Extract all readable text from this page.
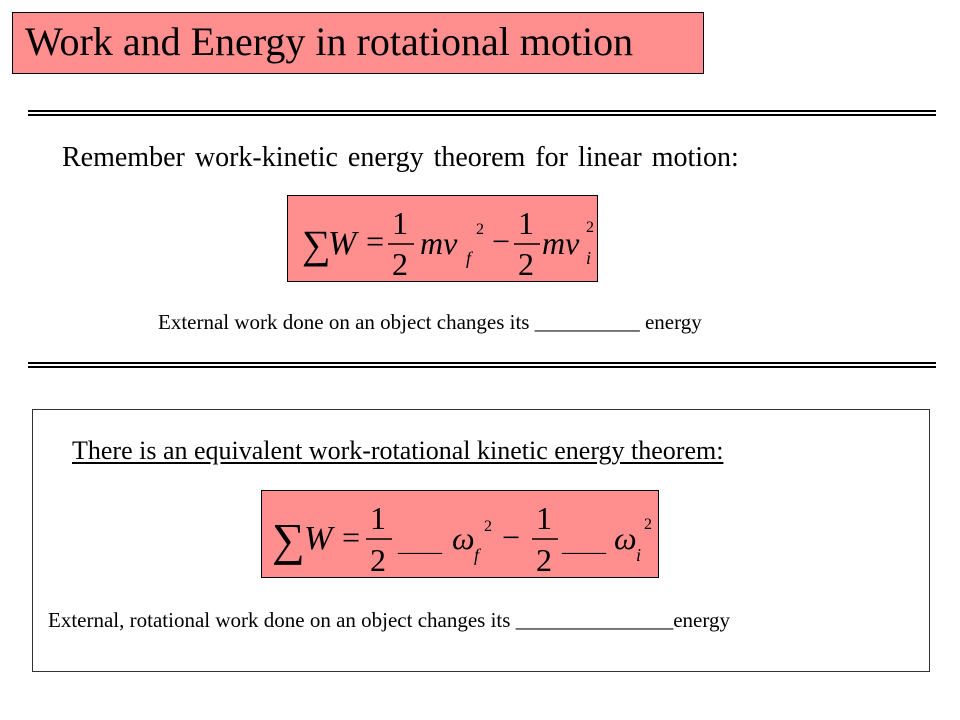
Work and Energy in rotational motion
Remember work-kinetic energy theorem for linear motion:
∑
W = 1
2
mv f
2 − 1
2
mv i
2
External work done on an object changes its __________ energy
There is an equivalent work-rotational kinetic energy theorem:
∑ W =
1
2 ____ ω f
2 −
1
2 ____ ω i
2
External, rotational work done on an object changes its _______________energy
